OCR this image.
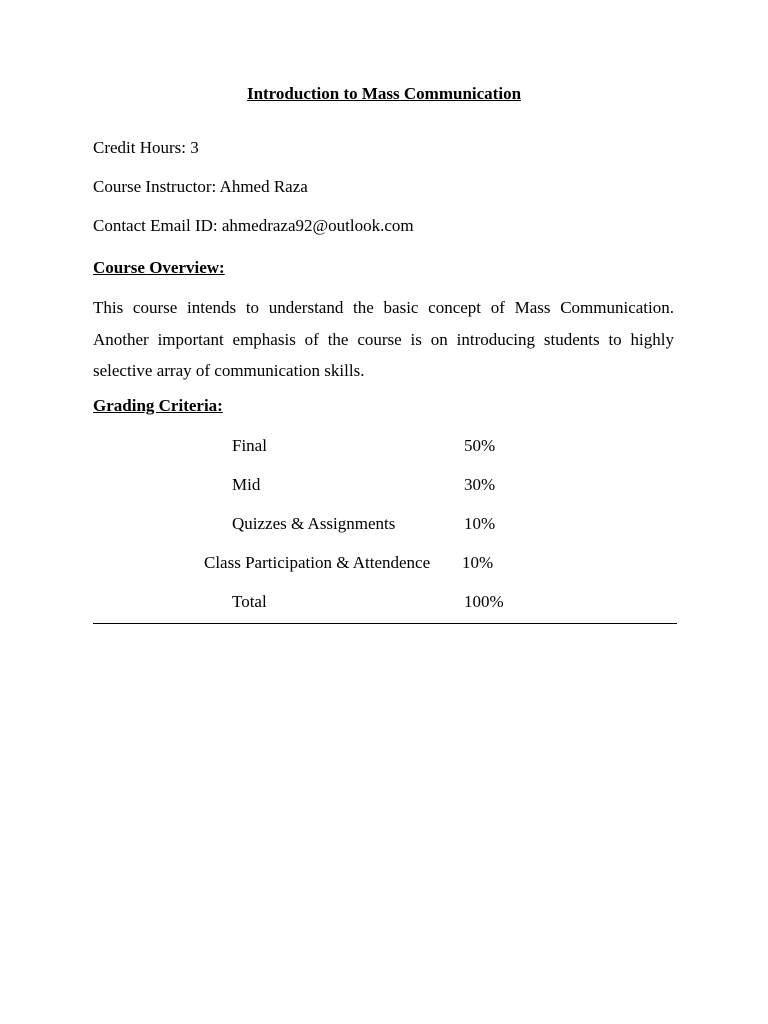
Introduction to Mass Communication
Credit Hours: 3
Course Instructor: Ahmed Raza
Contact Email ID: ahmedraza92@outlook.com
Course Overview:
This course intends to understand the basic concept of Mass Communication. Another important emphasis of the course is on introducing students to highly selective array of communication skills.
Grading Criteria:
Final	50%
Mid	30%
Quizzes & Assignments	10%
Class Participation & Attendence 10%
Total	100%
